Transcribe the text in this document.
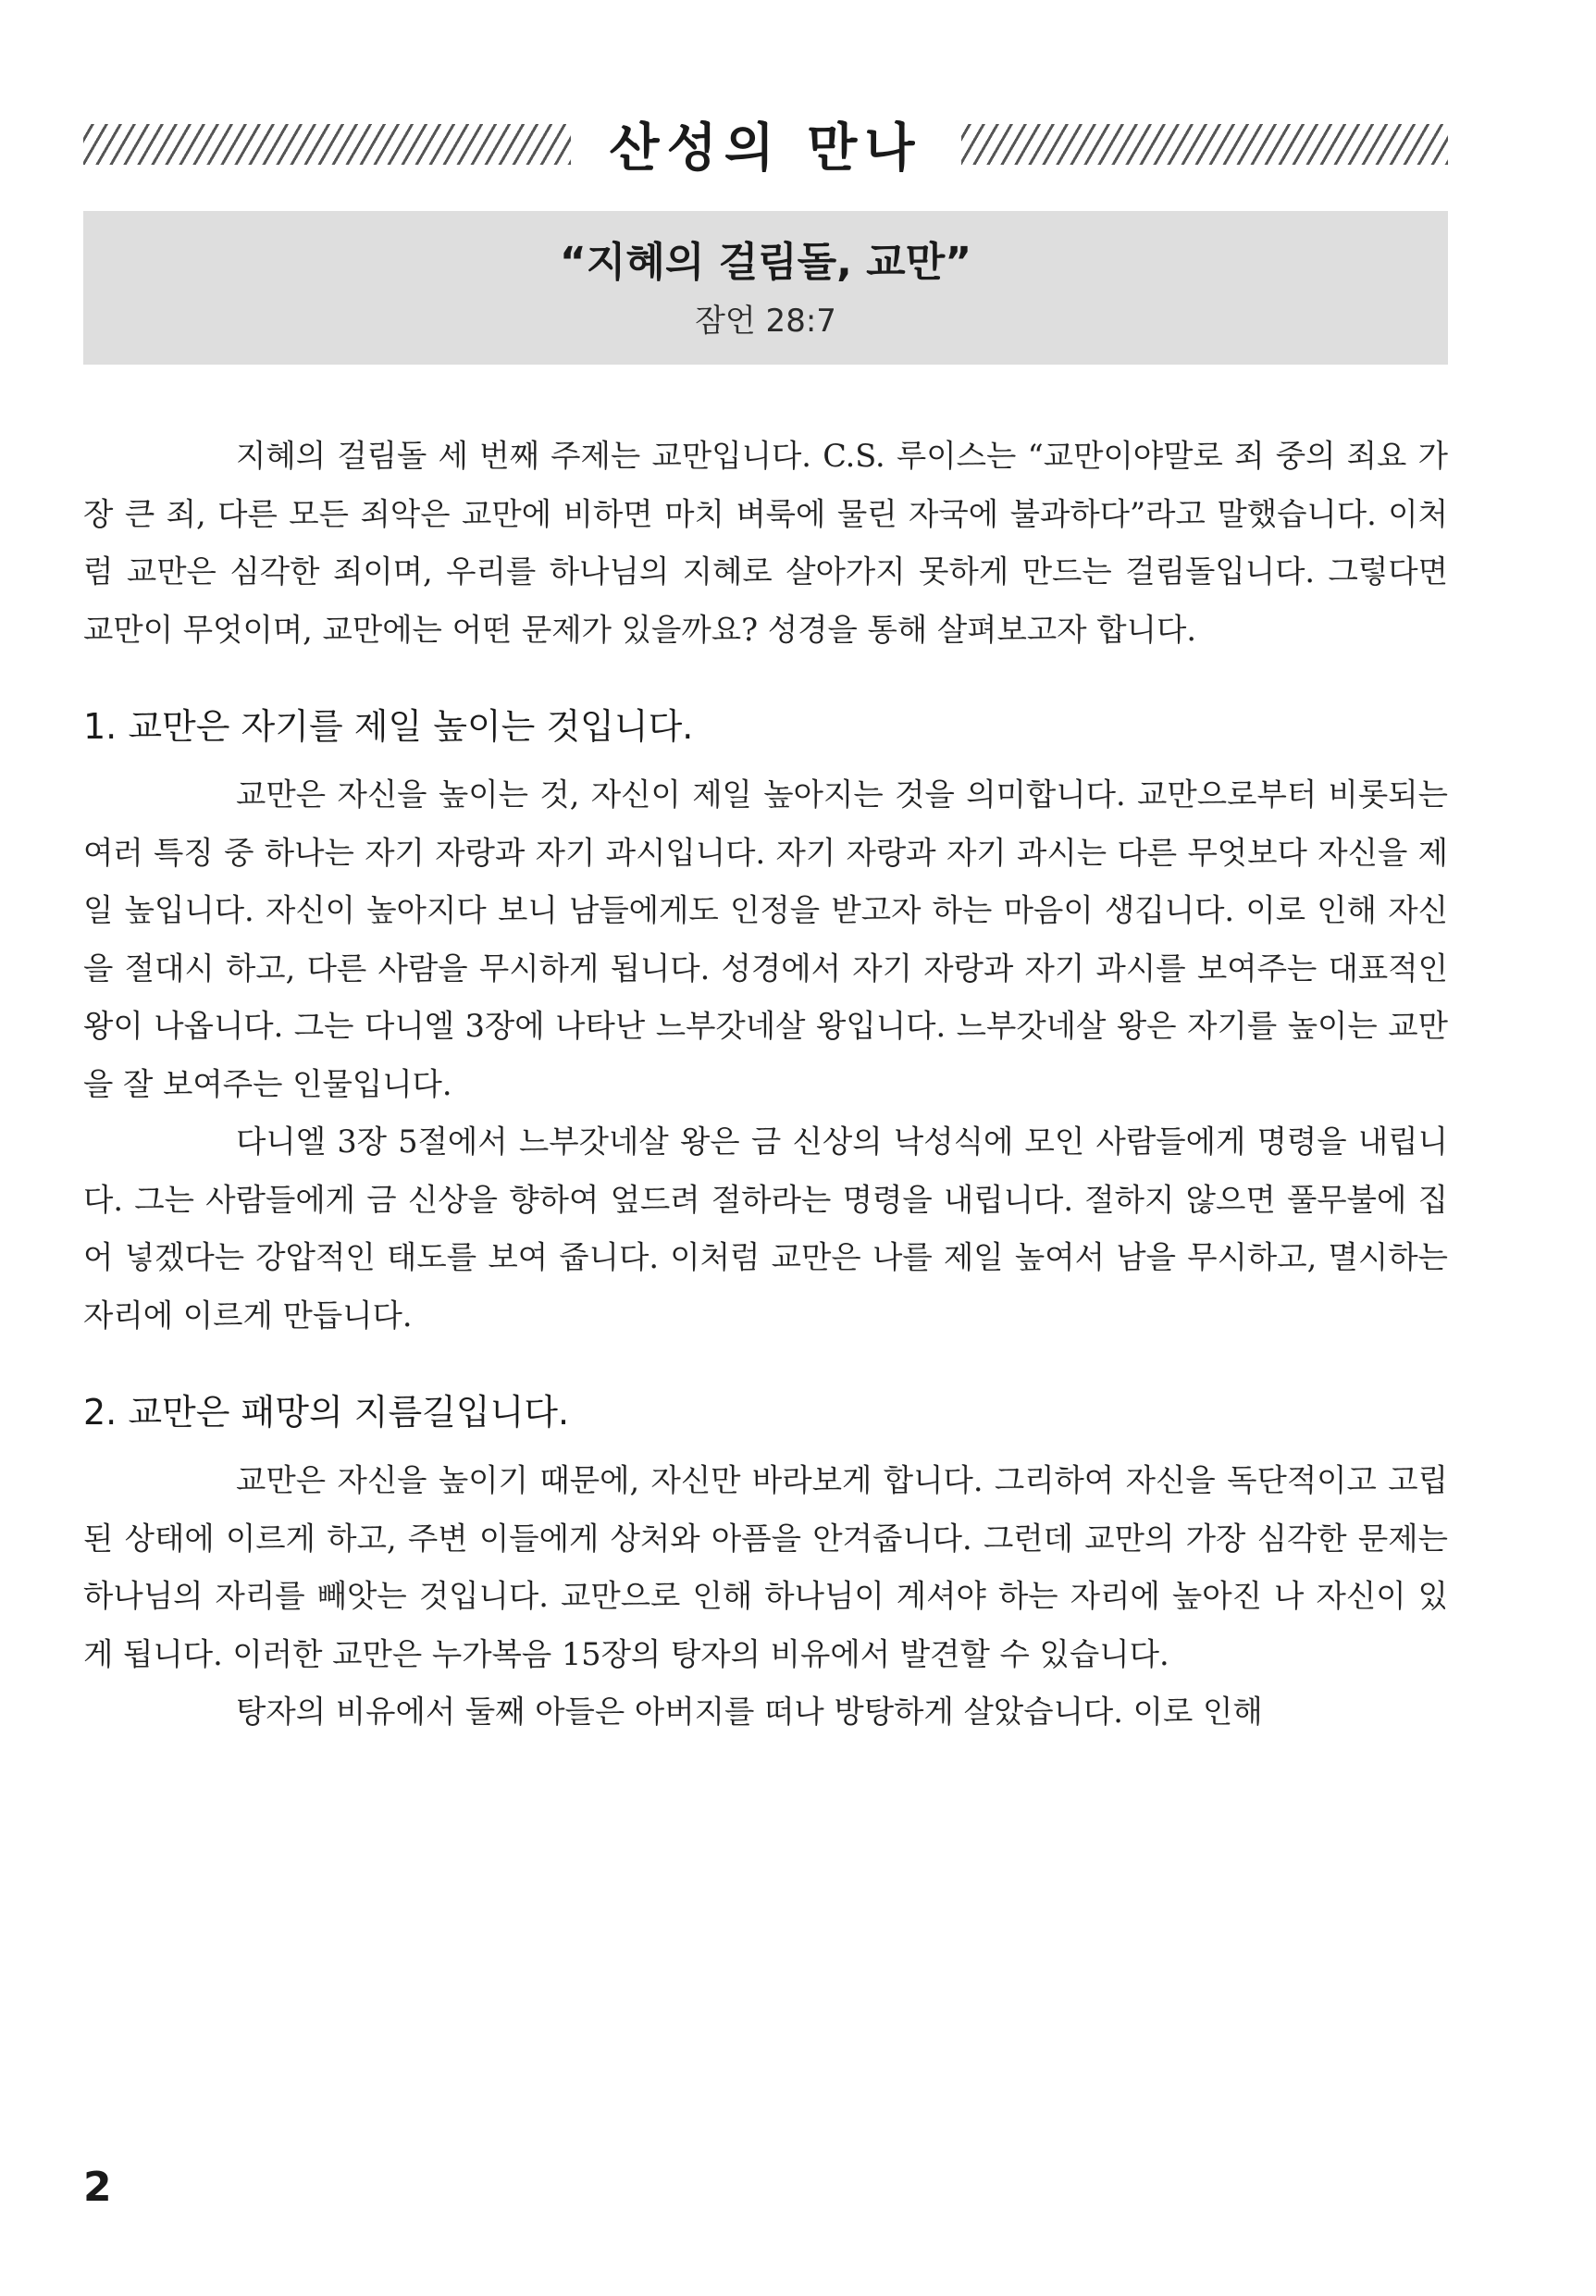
산성의 만나
“지혜의 걸림돌, 교만”
잠언 28:7

지혜의 걸림돌 세 번째 주제는 교만입니다. C.S. 루이스는 “교만이야말로 죄 중의 죄요 가장 큰 죄, 다른 모든 죄악은 교만에 비하면 마치 벼룩에 물린 자국에 불과하다”라고 말했습니다. 이처럼 교만은 심각한 죄이며, 우리를 하나님의 지혜로 살아가지 못하게 만드는 걸림돌입니다. 그렇다면 교만이 무엇이며, 교만에는 어떤 문제가 있을까요? 성경을 통해 살펴보고자 합니다.

1. 교만은 자기를 제일 높이는 것입니다.

교만은 자신을 높이는 것, 자신이 제일 높아지는 것을 의미합니다. 교만으로부터 비롯되는 여러 특징 중 하나는 자기 자랑과 자기 과시입니다. 자기 자랑과 자기 과시는 다른 무엇보다 자신을 제일 높입니다. 자신이 높아지다 보니 남들에게도 인정을 받고자 하는 마음이 생깁니다. 이로 인해 자신을 절대시 하고, 다른 사람을 무시하게 됩니다. 성경에서 자기 자랑과 자기 과시를 보여주는 대표적인 왕이 나옵니다. 그는 다니엘 3장에 나타난 느부갓네살 왕입니다. 느부갓네살 왕은 자기를 높이는 교만을 잘 보여주는 인물입니다.

다니엘 3장 5절에서 느부갓네살 왕은 금 신상의 낙성식에 모인 사람들에게 명령을 내립니다. 그는 사람들에게 금 신상을 향하여 엎드려 절하라는 명령을 내립니다. 절하지 않으면 풀무불에 집어 넣겠다는 강압적인 태도를 보여 줍니다. 이처럼 교만은 나를 제일 높여서 남을 무시하고, 멸시하는 자리에 이르게 만듭니다.

2. 교만은 패망의 지름길입니다.

교만은 자신을 높이기 때문에, 자신만 바라보게 합니다. 그리하여 자신을 독단적이고 고립된 상태에 이르게 하고, 주변 이들에게 상처와 아픔을 안겨줍니다. 그런데 교만의 가장 심각한 문제는 하나님의 자리를 빼앗는 것입니다. 교만으로 인해 하나님이 계셔야 하는 자리에 높아진 나 자신이 있게 됩니다. 이러한 교만은 누가복음 15장의 탕자의 비유에서 발견할 수 있습니다.

탕자의 비유에서 둘째 아들은 아버지를 떠나 방탕하게 살았습니다. 이로 인해

2
